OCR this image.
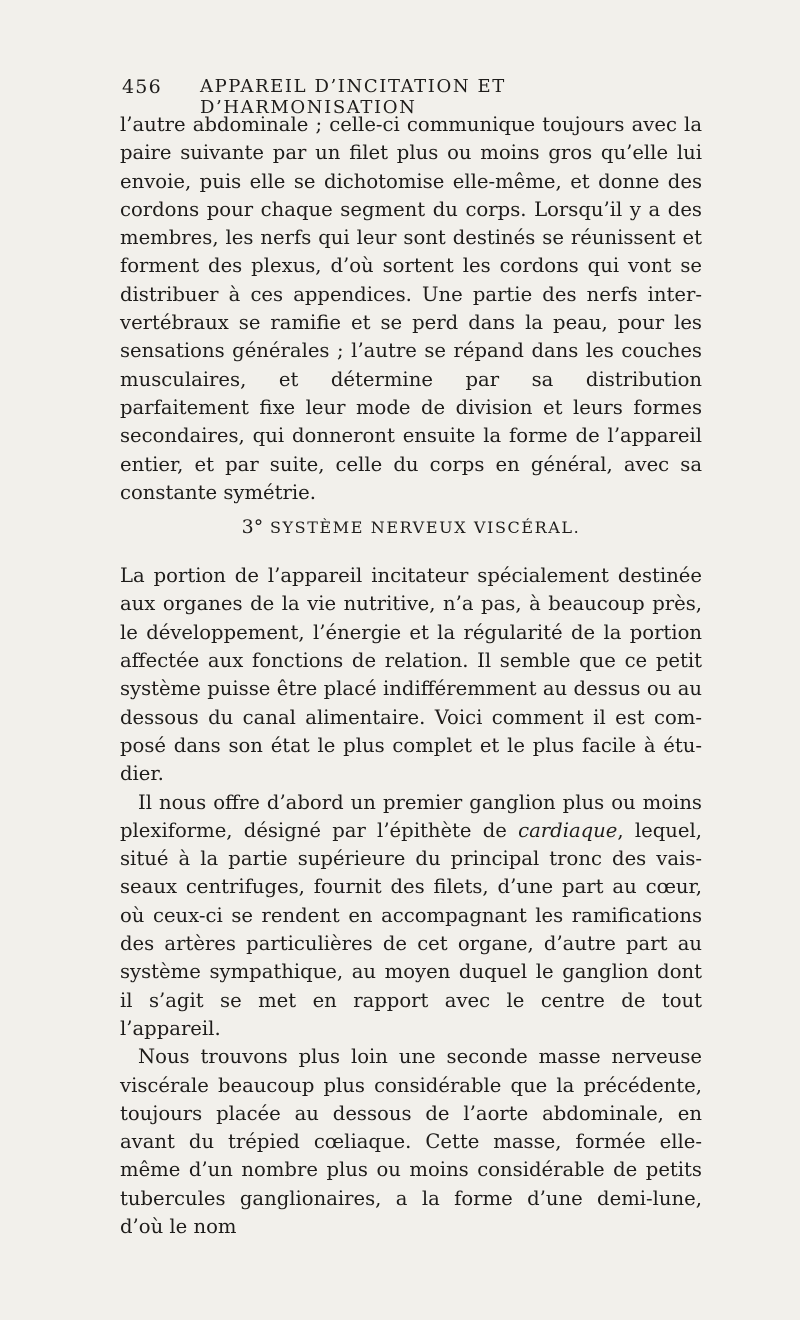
456 APPAREIL D’INCITATION ET D’HARMONISATION

l’autre abdominale ; celle-ci communique toujours avec la paire suivante par un filet plus ou moins gros qu’elle lui envoie, puis elle se dichotomise elle-même, et donne des cordons pour chaque segment du corps. Lorsqu’il y a des membres, les nerfs qui leur sont destinés se réunissent et forment des plexus, d’où sortent les cordons qui vont se distribuer à ces appendices. Une partie des nerfs inter-vertébraux se ramifie et se perd dans la peau, pour les sensations générales ; l’autre se répand dans les couches musculaires, et détermine par sa distribution parfaitement fixe leur mode de division et leurs formes secondaires, qui donneront ensuite la forme de l’appareil entier, et par suite, celle du corps en général, avec sa constante symétrie.

3° SYSTÈME NERVEUX VISCÉRAL.

La portion de l’appareil incitateur spécialement destinée aux organes de la vie nutritive, n’a pas, à beaucoup près, le développement, l’énergie et la régularité de la portion affectée aux fonctions de relation. Il semble que ce petit système puisse être placé indifféremment au dessus ou au dessous du canal alimentaire. Voici comment il est com-posé dans son état le plus complet et le plus facile à étu-dier.

Il nous offre d’abord un premier ganglion plus ou moins plexiforme, désigné par l’épithète de cardiaque, lequel, situé à la partie supérieure du principal tronc des vais-seaux centrifuges, fournit des filets, d’une part au cœur, où ceux-ci se rendent en accompagnant les ramifications des artères particulières de cet organe, d’autre part au système sympathique, au moyen duquel le ganglion dont il s’agit se met en rapport avec le centre de tout l’appareil.

Nous trouvons plus loin une seconde masse nerveuse viscérale beaucoup plus considérable que la précédente, toujours placée au dessous de l’aorte abdominale, en avant du trépied cœliaque. Cette masse, formée elle-même d’un nombre plus ou moins considérable de petits tubercules ganglionaires, a la forme d’une demi-lune, d’où le nom
